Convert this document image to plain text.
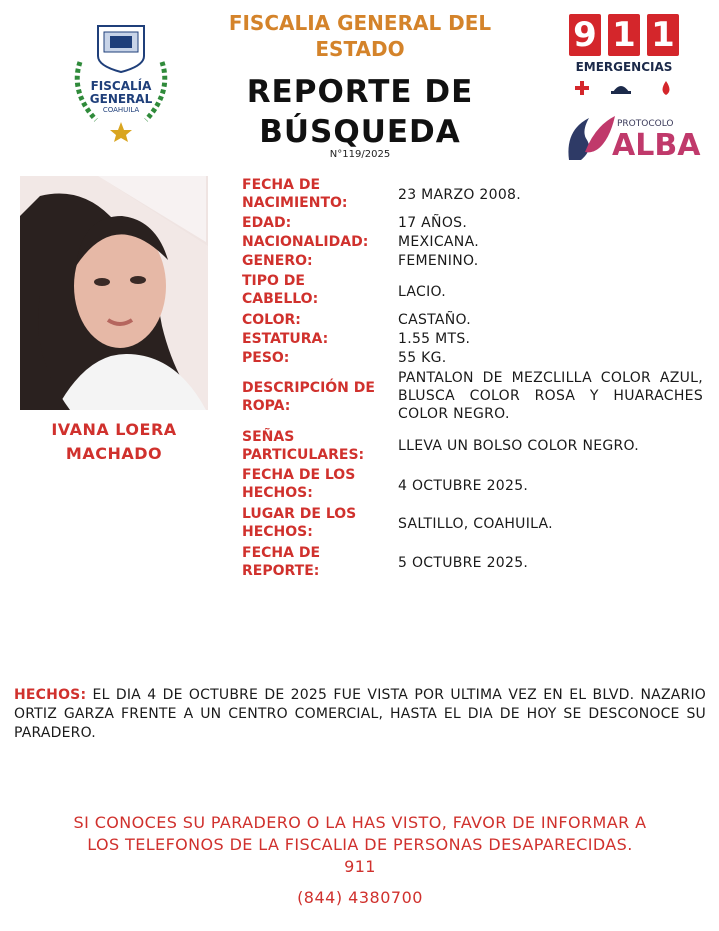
FISCALÍA
GENERAL
COAHUILA
FISCALIA GENERAL DEL
ESTADO
REPORTE DE
BÚSQUEDA
N°119/2025
9 1 1
EMERGENCIAS
PROTOCOLO
ALBA
IVANA LOERA
MACHADO
FECHA DE
NACIMIENTO:	23 MARZO 2008.
EDAD:	17 AÑOS.
NACIONALIDAD:	MEXICANA.
GENERO:	FEMENINO.
TIPO DE
CABELLO:	LACIO.
COLOR:	CASTAÑO.
ESTATURA:	1.55 MTS.
PESO:	55 KG.
DESCRIPCIÓN DE
ROPA:
PANTALON DE MEZCLILLA COLOR AZUL, BLUSCA COLOR ROSA Y HUARACHES COLOR NEGRO.
SEÑAS
PARTICULARES:
LLEVA UN BOLSO COLOR NEGRO.
FECHA DE LOS
HECHOS:	4 OCTUBRE 2025.
LUGAR DE LOS
HECHOS:	SALTILLO, COAHUILA.
FECHA DE
REPORTE:	5 OCTUBRE 2025.
HECHOS: EL DIA 4 DE OCTUBRE DE 2025 FUE VISTA POR ULTIMA VEZ EN EL BLVD. NAZARIO ORTIZ GARZA FRENTE A UN CENTRO COMERCIAL, HASTA EL DIA DE HOY SE DESCONOCE SU PARADERO.
SI CONOCES SU PARADERO O LA HAS VISTO, FAVOR DE INFORMAR A
LOS TELEFONOS DE LA FISCALIA DE PERSONAS DESAPARECIDAS.
911
(844) 4380700
